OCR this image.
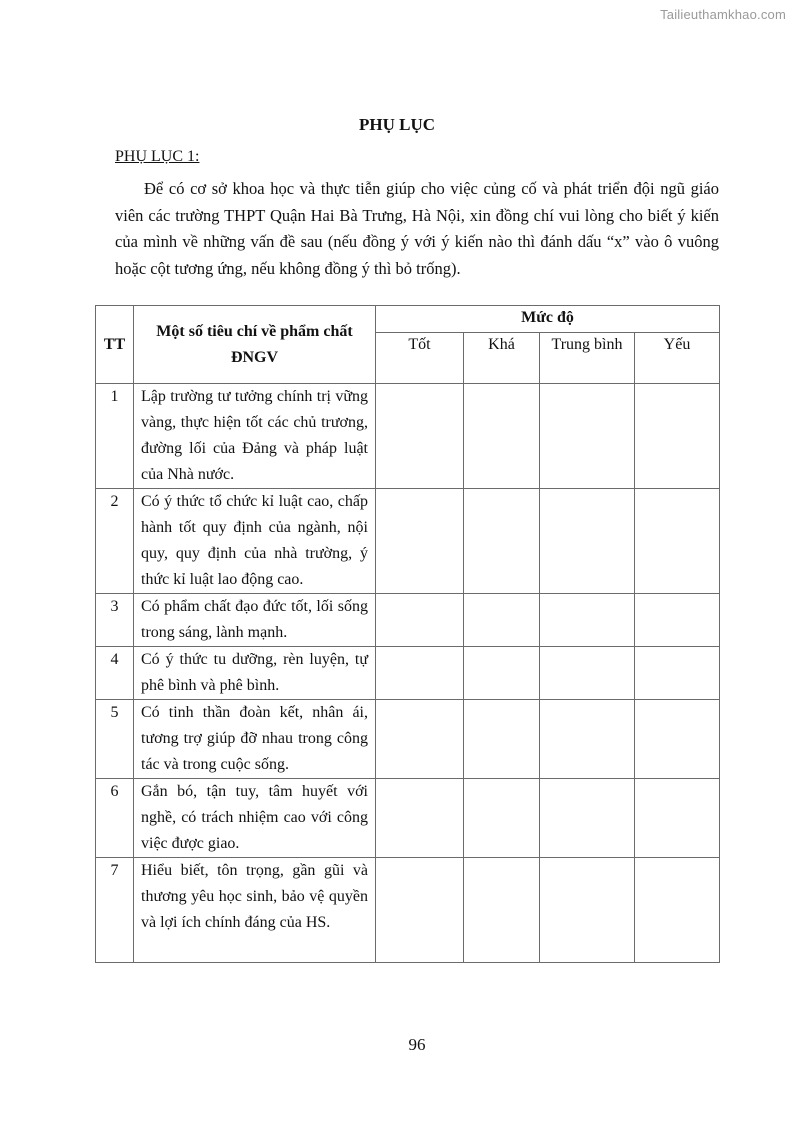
Tailieuthamkhao.com
PHỤ LỤC
PHỤ LỤC 1:
Để có cơ sở khoa học và thực tiễn giúp cho việc củng cố và phát triển đội ngũ giáo viên các trường THPT Quận Hai Bà Trưng, Hà Nội, xin đồng chí vui lòng cho biết ý kiến của mình về những vấn đề sau (nếu đồng ý với ý kiến nào thì đánh dấu “x” vào ô vuông hoặc cột tương ứng, nếu không đồng ý thì bỏ trống).
TT	Một số tiêu chí về phẩm chất ĐNGV	Mức độ			
		Tốt	Khá	Trung bình	Yếu
1	Lập trường tư tưởng chính trị vững vàng, thực hiện tốt các chủ trương, đường lối của Đảng và pháp luật của Nhà nước.				
2	Có ý thức tổ chức kỉ luật cao, chấp hành tốt quy định của ngành, nội quy, quy định của nhà trường, ý thức kỉ luật lao động cao.				
3	Có phẩm chất đạo đức tốt, lối sống trong sáng, lành mạnh.				
4	Có ý thức tu dưỡng, rèn luyện, tự phê bình và phê bình.				
5	Có tinh thần đoàn kết, nhân ái, tương trợ giúp đỡ nhau trong công tác và trong cuộc sống.				
6	Gắn bó, tận tuy, tâm huyết với nghề, có trách nhiệm cao với công việc được giao.				
7	Hiểu biết, tôn trọng, gần gũi và thương yêu học sinh, bảo vệ quyền và lợi ích chính đáng của HS.				
96
